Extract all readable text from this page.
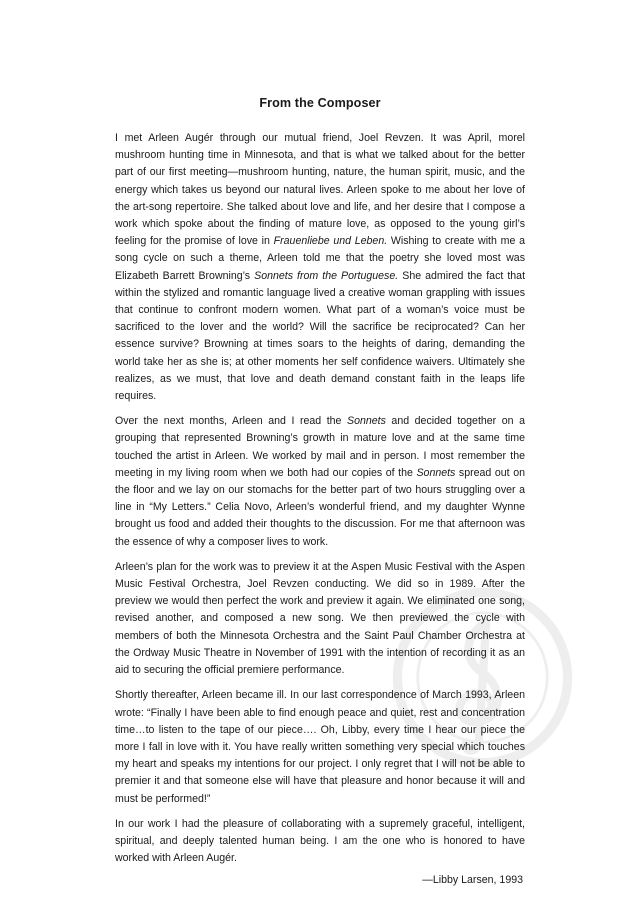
From the Composer

I met Arleen Augér through our mutual friend, Joel Revzen. It was April, morel mushroom hunting time in Minnesota, and that is what we talked about for the better part of our first meeting—mushroom hunting, nature, the human spirit, music, and the energy which takes us beyond our natural lives. Arleen spoke to me about her love of the art-song repertoire. She talked about love and life, and her desire that I compose a work which spoke about the finding of mature love, as opposed to the young girl’s feeling for the promise of love in Frauenliebe und Leben. Wishing to create with me a song cycle on such a theme, Arleen told me that the poetry she loved most was Elizabeth Barrett Browning’s Sonnets from the Portuguese. She admired the fact that within the stylized and romantic language lived a creative woman grappling with issues that continue to confront modern women. What part of a woman’s voice must be sacrificed to the lover and the world? Will the sacrifice be reciprocated? Can her essence survive? Browning at times soars to the heights of daring, demanding the world take her as she is; at other moments her self confidence waivers. Ultimately she realizes, as we must, that love and death demand constant faith in the leaps life requires.

Over the next months, Arleen and I read the Sonnets and decided together on a grouping that represented Browning’s growth in mature love and at the same time touched the artist in Arleen. We worked by mail and in person. I most remember the meeting in my living room when we both had our copies of the Sonnets spread out on the floor and we lay on our stomachs for the better part of two hours struggling over a line in “My Letters.” Celia Novo, Arleen’s wonderful friend, and my daughter Wynne brought us food and added their thoughts to the discussion. For me that afternoon was the essence of why a composer lives to work.

Arleen’s plan for the work was to preview it at the Aspen Music Festival with the Aspen Music Festival Orchestra, Joel Revzen conducting. We did so in 1989. After the preview we would then perfect the work and preview it again. We eliminated one song, revised another, and composed a new song. We then previewed the cycle with members of both the Minnesota Orchestra and the Saint Paul Chamber Orchestra at the Ordway Music Theatre in November of 1991 with the intention of recording it as an aid to securing the official premiere performance.

Shortly thereafter, Arleen became ill. In our last correspondence of March 1993, Arleen wrote: “Finally I have been able to find enough peace and quiet, rest and concentration time…to listen to the tape of our piece…. Oh, Libby, every time I hear our piece the more I fall in love with it. You have really written something very special which touches my heart and speaks my intentions for our project. I only regret that I will not be able to premier it and that someone else will have that pleasure and honor because it will and must be performed!”

In our work I had the pleasure of collaborating with a supremely graceful, intelligent, spiritual, and deeply talented human being. I am the one who is honored to have worked with Arleen Augér.

—Libby Larsen, 1993
